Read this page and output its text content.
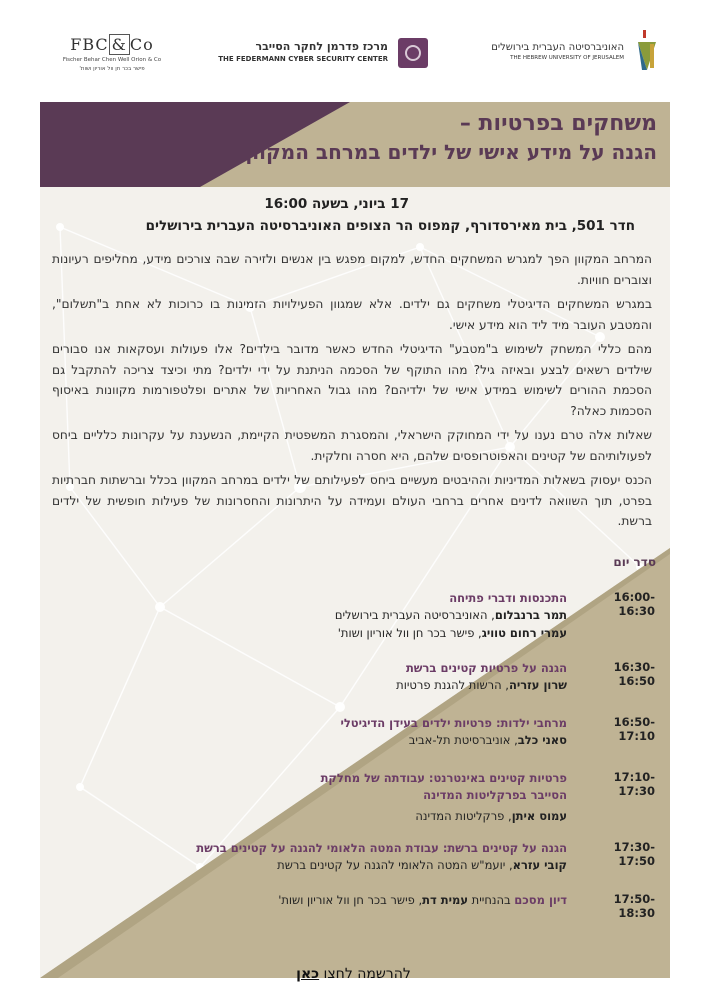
FBC & Co
Fischer Behar Chen Well Orion & Co
פישר בכר חן וול אוריון ושות'
מרכז פדרמן לחקר הסייבר
THE FEDERMANN CYBER SECURITY CENTER
האוניברסיטה העברית בירושלים
THE HEBREW UNIVERSITY OF JERUSALEM
משחקים בפרטיות –
הגנה על מידע אישי של ילדים במרחב המקוון
17 ביוני, בשעה 16:00
חדר 501, בית מאירסדורף, קמפוס הר הצופים האוניברסיטה העברית בירושלים

המרחב המקוון הפך למגרש המשחקים החדש, למקום מפגש בין אנשים ולזירה שבה צורכים מידע, מחליפים רעיונות וצוברים חוויות.

במגרש המשחקים הדיגיטלי משחקים גם ילדים. אלא שמגוון הפעילויות הזמינות בו כרוכות לא אחת ב"תשלום", והמטבע העובר מיד ליד הוא מידע אישי.

מהם כללי המשחק לשימוש ב"מטבע" הדיגיטלי החדש כאשר מדובר בילדים? אלו פעולות ועסקאות אנו סבורים שילדים רשאים לבצע ובאיזה גיל? מהו התוקף של הסכמה הניתנת על ידי ילדים? מתי וכיצד צריכה להתקבל גם הסכמת ההורים לשימוש במידע אישי של ילדיהם? מהו גבול האחריות של אתרים ופלטפורמות מקוונות באיסוף הסכמות כאלה?

שאלות אלה טרם נענו על ידי המחוקק הישראלי, והמסגרת המשפטית הקיימת, הנשענת על עקרונות כלליים ביחס לפעולותיהם של קטינים והאפוטרופסים שלהם, היא חסרה וחלקית.

הכנס יעסוק בשאלות המדיניות וההיבטים מעשיים ביחס לפעילותם של ילדים במרחב המקוון בכלל וברשתות חברתיות בפרט, תוך השוואה לדינים אחרים ברחבי העולם ועמידה על היתרונות והחסרונות של פעילות חופשית של ילדים ברשת.

סדר יום
16:00-16:30
התכנסות ודברי פתיחה
תמר ברנבלום, האוניברסיטה העברית בירושלים
עמרי רחום טוויג, פישר בכר חן וול אוריון ושות'
16:30-16:50
הגנה על פרטיות קטינים ברשת
שרון עזריה, הרשות להגנת פרטיות
16:50-17:10
מרחבי ילדות: פרטיות ילדים בעידן הדיגיטלי
סאני כלב, אוניברסיטת תל-אביב
17:10-17:30
פרטיות קטינים באינטרנט: עבודתה של מחלקת הסייבר בפרקליטות המדינה
עמוס איתן, פרקליטות המדינה
17:30-17:50
הגנה על קטינים ברשת: עבודת המטה הלאומי להגנה על קטינים ברשת
קובי עזרא, יועמ"ש המטה הלאומי להגנה על קטינים ברשת
17:50-18:30
דיון מסכם בהנחיית עמית דת, פישר בכר חן וול אוריון ושות'
להרשמה לחצו כאן
